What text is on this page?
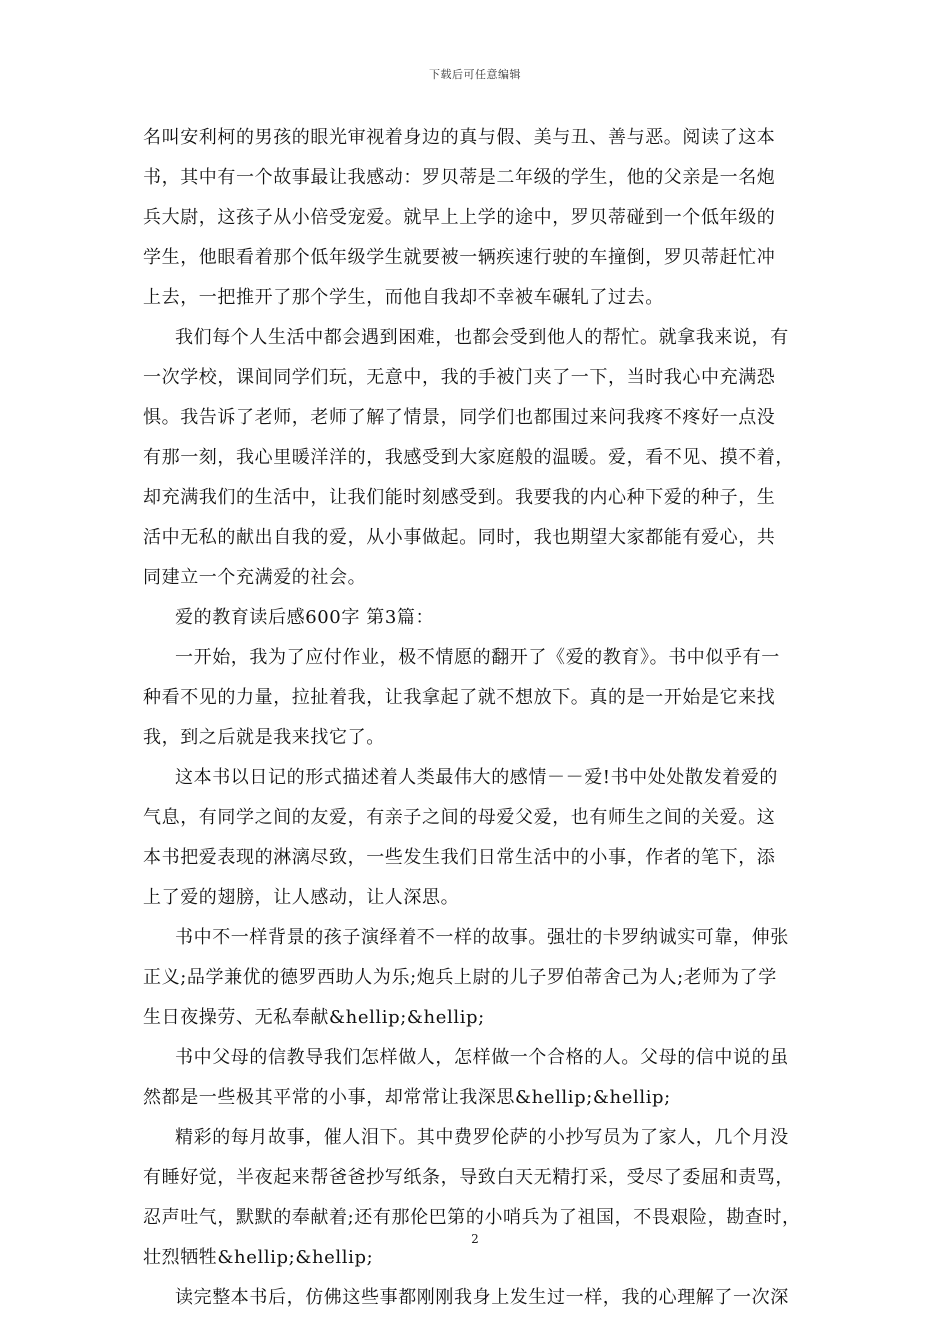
下载后可任意编辑
名叫安利柯的男孩的眼光审视着身边的真与假、美与丑、善与恶。阅读了这本
书，其中有一个故事最让我感动：罗贝蒂是二年级的学生，他的父亲是一名炮
兵大尉，这孩子从小倍受宠爱。就早上上学的途中，罗贝蒂碰到一个低年级的
学生，他眼看着那个低年级学生就要被一辆疾速行驶的车撞倒，罗贝蒂赶忙冲
上去，一把推开了那个学生，而他自我却不幸被车碾轧了过去。
我们每个人生活中都会遇到困难，也都会受到他人的帮忙。就拿我来说，有
一次学校，课间同学们玩，无意中，我的手被门夹了一下，当时我心中充满恐
惧。我告诉了老师，老师了解了情景，同学们也都围过来问我疼不疼好一点没
有那一刻，我心里暖洋洋的，我感受到大家庭般的温暖。爱，看不见、摸不着，
却充满我们的生活中，让我们能时刻感受到。我要我的内心种下爱的种子，生
活中无私的献出自我的爱，从小事做起。同时，我也期望大家都能有爱心，共
同建立一个充满爱的社会。
爱的教育读后感600字 第3篇：
一开始，我为了应付作业，极不情愿的翻开了《爱的教育》。书中似乎有一
种看不见的力量，拉扯着我，让我拿起了就不想放下。真的是一开始是它来找
我，到之后就是我来找它了。
这本书以日记的形式描述着人类最伟大的感情－－爱!书中处处散发着爱的
气息，有同学之间的友爱，有亲子之间的母爱父爱，也有师生之间的关爱。这
本书把爱表现的淋漓尽致，一些发生我们日常生活中的小事，作者的笔下，添
上了爱的翅膀，让人感动，让人深思。
书中不一样背景的孩子演绎着不一样的故事。强壮的卡罗纳诚实可靠，伸张
正义;品学兼优的德罗西助人为乐;炮兵上尉的儿子罗伯蒂舍己为人;老师为了学
生日夜操劳、无私奉献&hellip;&hellip;
书中父母的信教导我们怎样做人，怎样做一个合格的人。父母的信中说的虽
然都是一些极其平常的小事，却常常让我深思&hellip;&hellip;
精彩的每月故事，催人泪下。其中费罗伦萨的小抄写员为了家人，几个月没
有睡好觉，半夜起来帮爸爸抄写纸条，导致白天无精打采，受尽了委屈和责骂，
忍声吐气，默默的奉献着;还有那伦巴第的小哨兵为了祖国，不畏艰险，勘查时，
壮烈牺牲&hellip;&hellip;
读完整本书后，仿佛这些事都刚刚我身上发生过一样，我的心理解了一次深
2
